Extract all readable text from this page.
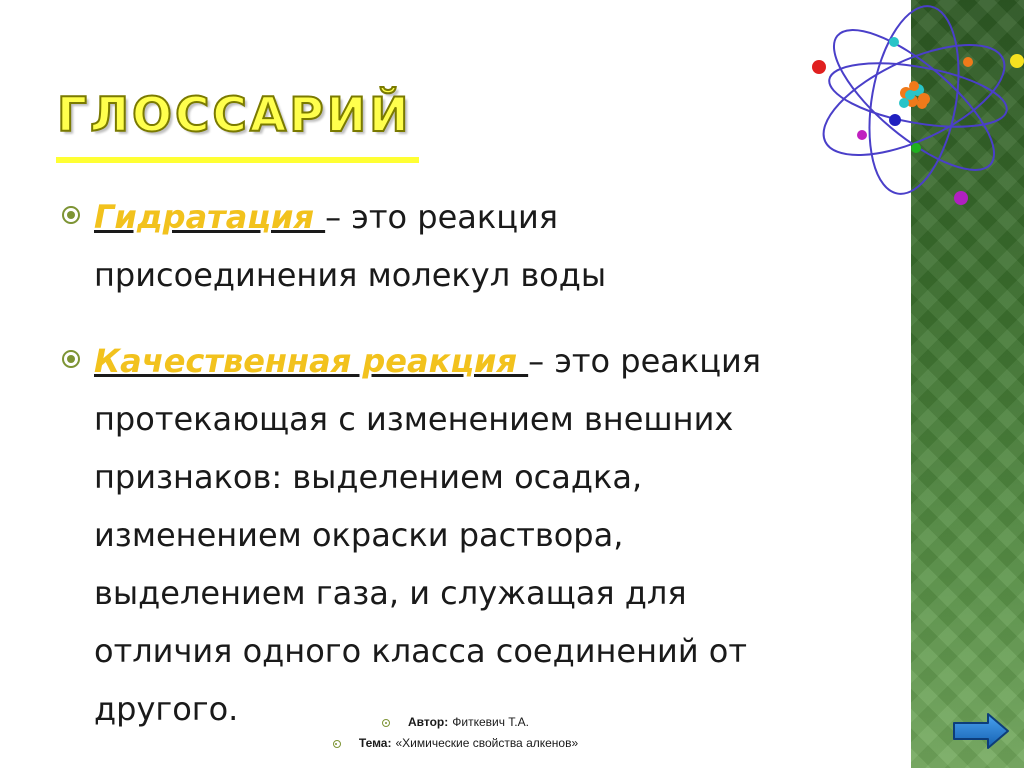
ГЛОССАРИЙ
Гидратация – это реакция
присоединения молекул воды
Качественная реакция – это реакция
протекающая с изменением внешних
признаков: выделением осадка,
изменением окраски раствора,
выделением газа, и служащая для
отличия одного класса соединений от
другого.	Автор: Фиткевич Т.А.
Тема: «Химические свойства алкенов»
